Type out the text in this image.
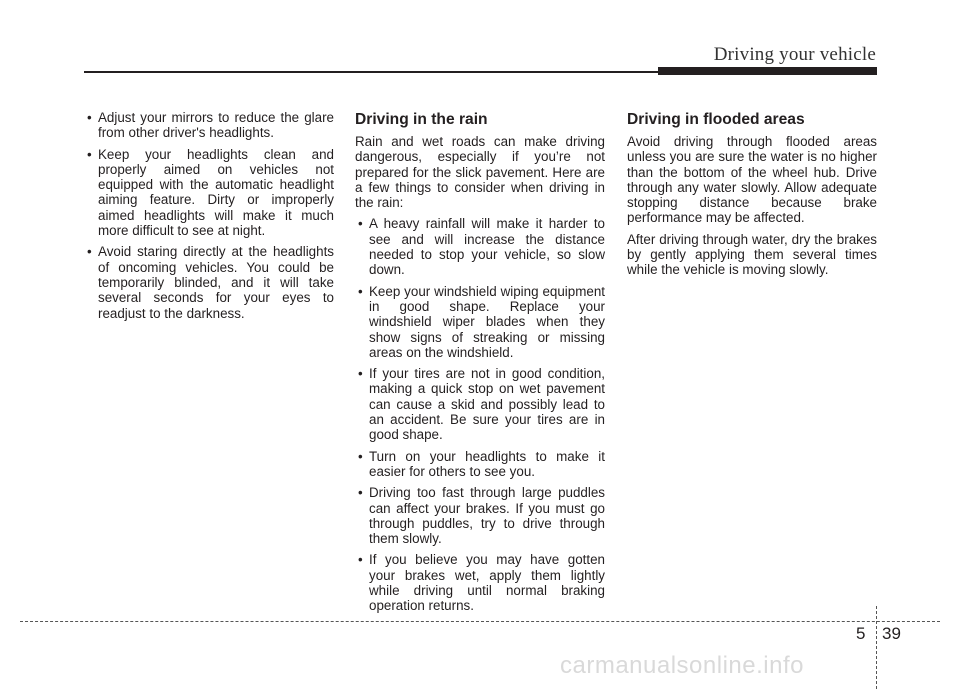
Driving your vehicle
• Adjust your mirrors to reduce the glare from other driver's headlights.
• Keep your headlights clean and properly aimed on vehicles not equipped with the automatic headlight aiming feature. Dirty or improperly aimed headlights will make it much more difficult to see at night.
• Avoid staring directly at the headlights of oncoming vehicles. You could be temporarily blinded, and it will take several seconds for your eyes to readjust to the darkness.
Driving in the rain

Rain and wet roads can make driving dangerous, especially if you’re not prepared for the slick pavement. Here are a few things to consider when driving in the rain:

• A heavy rainfall will make it harder to see and will increase the distance needed to stop your vehicle, so slow down.
• Keep your windshield wiping equipment in good shape. Replace your windshield wiper blades when they show signs of streaking or missing areas on the windshield.
• If your tires are not in good condition, making a quick stop on wet pavement can cause a skid and possibly lead to an accident. Be sure your tires are in good shape.
• Turn on your headlights to make it easier for others to see you.
• Driving too fast through large puddles can affect your brakes. If you must go through puddles, try to drive through them slowly.
• If you believe you may have gotten your brakes wet, apply them lightly while driving until normal braking operation returns.
Driving in flooded areas

Avoid driving through flooded areas unless you are sure the water is no higher than the bottom of the wheel hub. Drive through any water slowly. Allow adequate stopping distance because brake performance may be affected.

After driving through water, dry the brakes by gently applying them several times while the vehicle is moving slowly.

5 39
carmanualsonline.info
